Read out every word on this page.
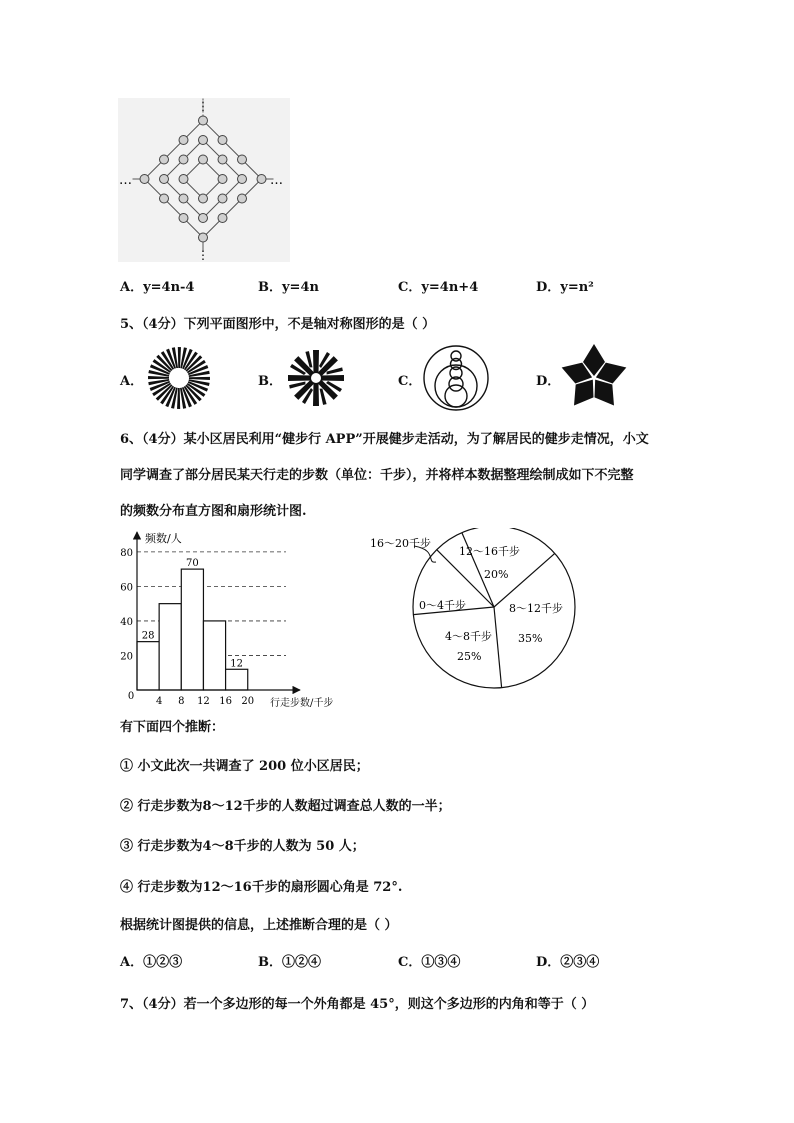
⋮
⋮
…	…
A．y=4n-4	B．y=4n	C．y=4n+4	D．y=n²
5、（4分）下列平面图形中，不是轴对称图形的是（ ）
A．	B．	C．	D．
6、（4分）某小区居民利用“健步行 APP”开展健步走活动，为了解居民的健步走情况，小文
同学调查了部分居民某天行走的步数（单位：千步），并将样本数据整理绘制成如下不完整
的频数分布直方图和扇形统计图.
28
70
12
20
40
60
80
0 4 8 12 16 20
频数/人
行走步数/千步
16～20千步
12～16千步
20%
8～12千步
35%
4～8千步
25%
0～4千步
有下面四个推断：
① 小文此次一共调查了 200 位小区居民；
② 行走步数为8～12千步的人数超过调查总人数的一半；
③ 行走步数为4～8千步的人数为 50 人；
④ 行走步数为12～16千步的扇形圆心角是 72°.
根据统计图提供的信息，上述推断合理的是（ ）
A．①②③	B．①②④	C．①③④	D．②③④
7、（4分）若一个多边形的每一个外角都是 45°，则这个多边形的内角和等于（ ）
